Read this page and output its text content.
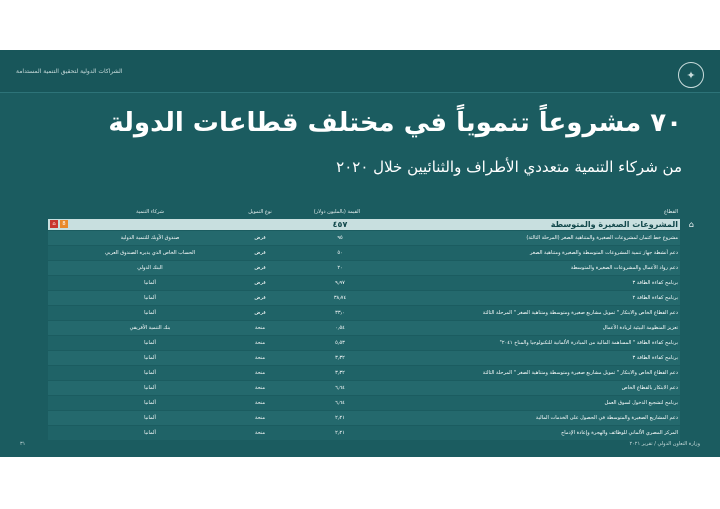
الشراكات الدولية لتحقيق التنمية المستدامة	✦
٧٠ مشروعاً تنموياً في مختلف قطاعات الدولة
من شركاء التنمية متعددي الأطراف والثنائيين خلال ٢٠٢٠
القطاع
القيمة (بالمليون دولار)
نوع التمويل
شركاء التنمية
⌂
المشروعات الصغيرة والمتوسطة
٤٥٧
8
⌂
مشروع خط ائتمان لمشروعات الصغيرة والمتناهية الصغر (المرحلة الثالثة)
٩٥
قرض
صندوق الأوبك للتنمية الدولية
دعم أنشطة جهاز تنمية المشروعات المتوسطة والصغيرة ومتناهية الصغر
٥٠
قرض
الحساب الخاص الذي يديره الصندوق العربي
دعم رواد الأعمال والمشروعات الصغيرة والمتوسطة
٢٠
قرض
البنك الدولي
برنامج كفاءة الطاقة ٣
٩٫٩٧
قرض
ألمانيا
برنامج كفاءة الطاقة ٢
٣٨٫٧٤
قرض
ألمانيا
دعم القطاع الخاص والابتكار " تمويل مشاريع صغيرة ومتوسطة ومتناهية الصغر " المرحلة الثالثة
٣٣٫٠
قرض
ألمانيا
تعزيز المنظومة البيئية لريادة الأعمال
٠٫٥٤
منحة
بنك التنمية الأفريقي
برنامج كفاءة الطاقة " المساهمة المالية من المبادرة الألمانية للتكنولوجيا والمناخ ٢٠٤١"
٥٫٥٣
منحة
ألمانيا
برنامج كفاءة الطاقة ٣
٣٫٣٢
منحة
ألمانيا
دعم القطاع الخاص والابتكار " تمويل مشاريع صغيرة ومتوسطة ومتناهية الصغر " المرحلة الثالثة
٣٫٣٢
منحة
ألمانيا
دعم الابتكار بالقطاع الخاص
٦٫٦٤
منحة
ألمانيا
برنامج لتشجيع الدخول لسوق العمل
٦٫٦٤
منحة
ألمانيا
دعم المشاريع الصغيرة والمتوسطة في الحصول على الخدمات المالية
٢٫٢١
منحة
ألمانيا
المركز المصري الألماني للوظائف والهجرة وإعادة الإدماج
٢٫٢١
منحة
ألمانيا
٣١	وزارة التعاون الدولي / تقرير ٢٠٢١
